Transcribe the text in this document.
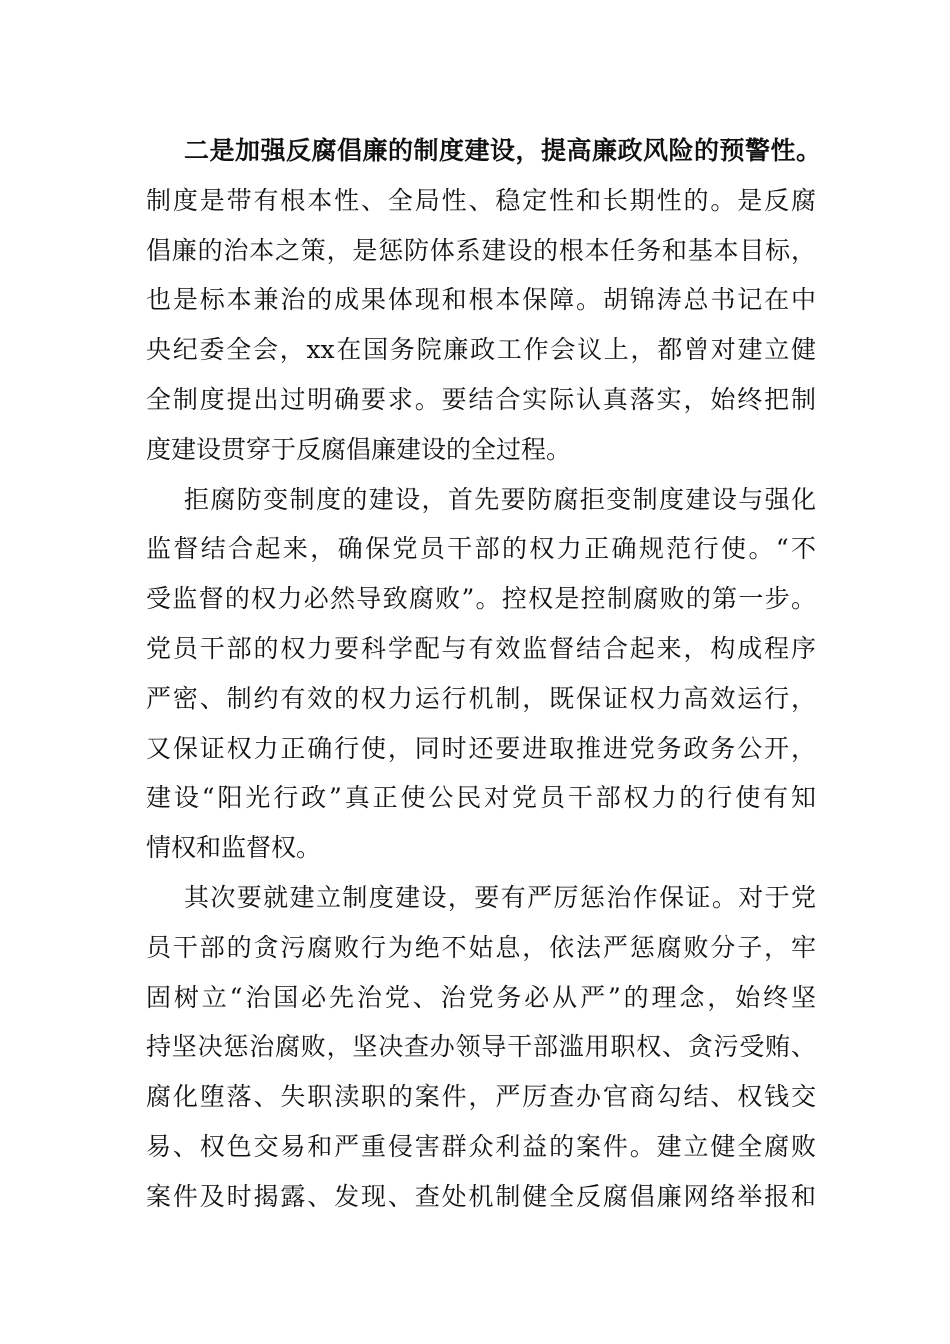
二是加强反腐倡廉的制度建设，提高廉政风险的预警性。
制度是带有根本性、全局性、稳定性和长期性的。是反腐
倡廉的治本之策，是惩防体系建设的根本任务和基本目标，
也是标本兼治的成果体现和根本保障。胡锦涛总书记在中
央纪委全会，xx在国务院廉政工作会议上，都曾对建立健
全制度提出过明确要求。要结合实际认真落实，始终把制
度建设贯穿于反腐倡廉建设的全过程。
拒腐防变制度的建设，首先要防腐拒变制度建设与强化
监督结合起来，确保党员干部的权力正确规范行使。“不
受监督的权力必然导致腐败”。控权是控制腐败的第一步。
党员干部的权力要科学配与有效监督结合起来，构成程序
严密、制约有效的权力运行机制，既保证权力高效运行，
又保证权力正确行使，同时还要进取推进党务政务公开，
建设“阳光行政”真正使公民对党员干部权力的行使有知
情权和监督权。
其次要就建立制度建设，要有严厉惩治作保证。对于党
员干部的贪污腐败行为绝不姑息，依法严惩腐败分子，牢
固树立“治国必先治党、治党务必从严”的理念，始终坚
持坚决惩治腐败，坚决查办领导干部滥用职权、贪污受贿、
腐化堕落、失职渎职的案件，严厉查办官商勾结、权钱交
易、权色交易和严重侵害群众利益的案件。建立健全腐败
案件及时揭露、发现、查处机制健全反腐倡廉网络举报和
